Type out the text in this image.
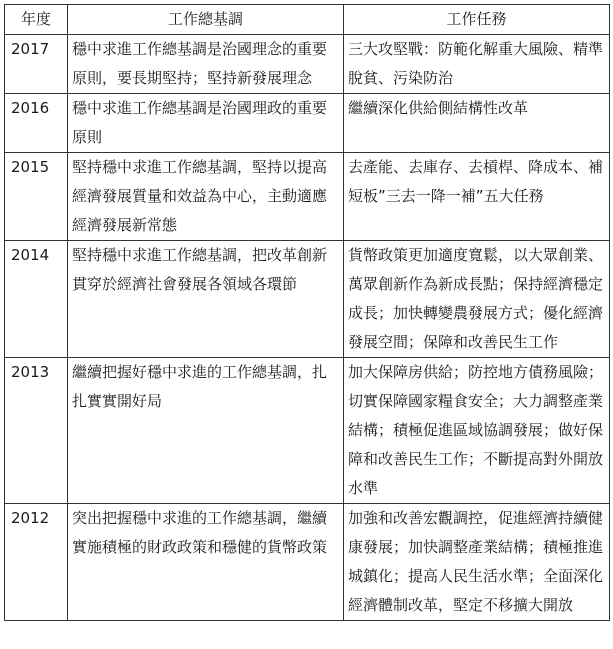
年度	工作總基調	工作任務
2017	穩中求進工作總基調是治國理念的重要原則，要長期堅持；堅持新發展理念	三大攻堅戰：防範化解重大風險、精準脫貧、污染防治
2016	穩中求進工作總基調是治國理政的重要原則	繼續深化供給側結構性改革
2015	堅持穩中求進工作總基調，堅持以提高經濟發展質量和效益為中心，主動適應經濟發展新常態	去產能、去庫存、去槓桿、降成本、補短板”三去一降一補”五大任務
2014	堅持穩中求進工作總基調，把改革創新貫穿於經濟社會發展各領域各環節	貨幣政策更加適度寬鬆，以大眾創業、萬眾創新作為新成長點；保持經濟穩定成長；加快轉變農發展方式；優化經濟發展空間；保障和改善民生工作
2013	繼續把握好穩中求進的工作總基調，扎扎實實開好局	加大保障房供給；防控地方債務風險；切實保障國家糧食安全；大力調整產業結構；積極促進區域協調發展；做好保障和改善民生工作；不斷提高對外開放水準
2012	突出把握穩中求進的工作總基調，繼續實施積極的財政政策和穩健的貨幣政策	加強和改善宏觀調控，促進經濟持續健康發展；加快調整產業結構；積極推進城鎮化；提高人民生活水準；全面深化經濟體制改革，堅定不移擴大開放
